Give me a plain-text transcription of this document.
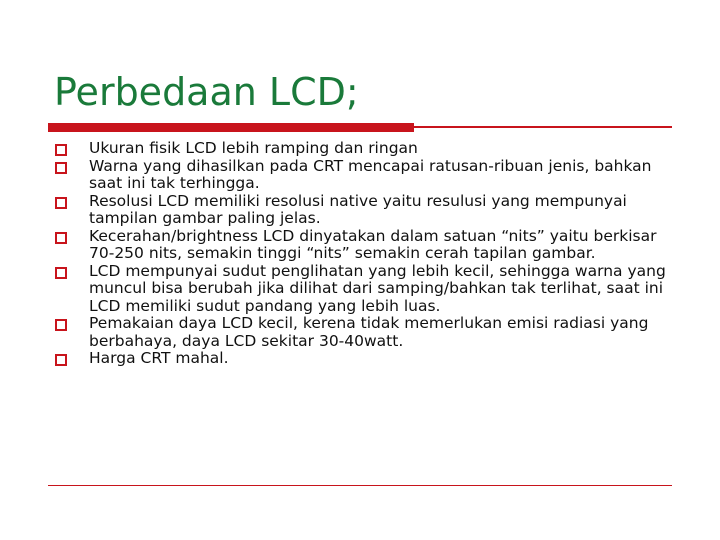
Perbedaan LCD;
Ukuran fisik LCD lebih ramping dan ringan
Warna yang dihasilkan pada CRT mencapai ratusan-ribuan jenis, bahkan saat ini tak terhingga.
Resolusi LCD memiliki resolusi native yaitu resulusi yang mempunyai tampilan gambar paling jelas.
Kecerahan/brightness LCD dinyatakan dalam satuan “nits” yaitu berkisar 70-250 nits, semakin tinggi “nits” semakin cerah tapilan gambar.
LCD mempunyai sudut penglihatan yang lebih kecil, sehingga warna yang muncul bisa berubah jika dilihat dari samping/bahkan tak terlihat, saat ini LCD memiliki sudut pandang yang lebih luas.
Pemakaian daya LCD kecil, kerena tidak memerlukan emisi radiasi yang berbahaya, daya LCD sekitar 30-40watt.
Harga CRT mahal.
